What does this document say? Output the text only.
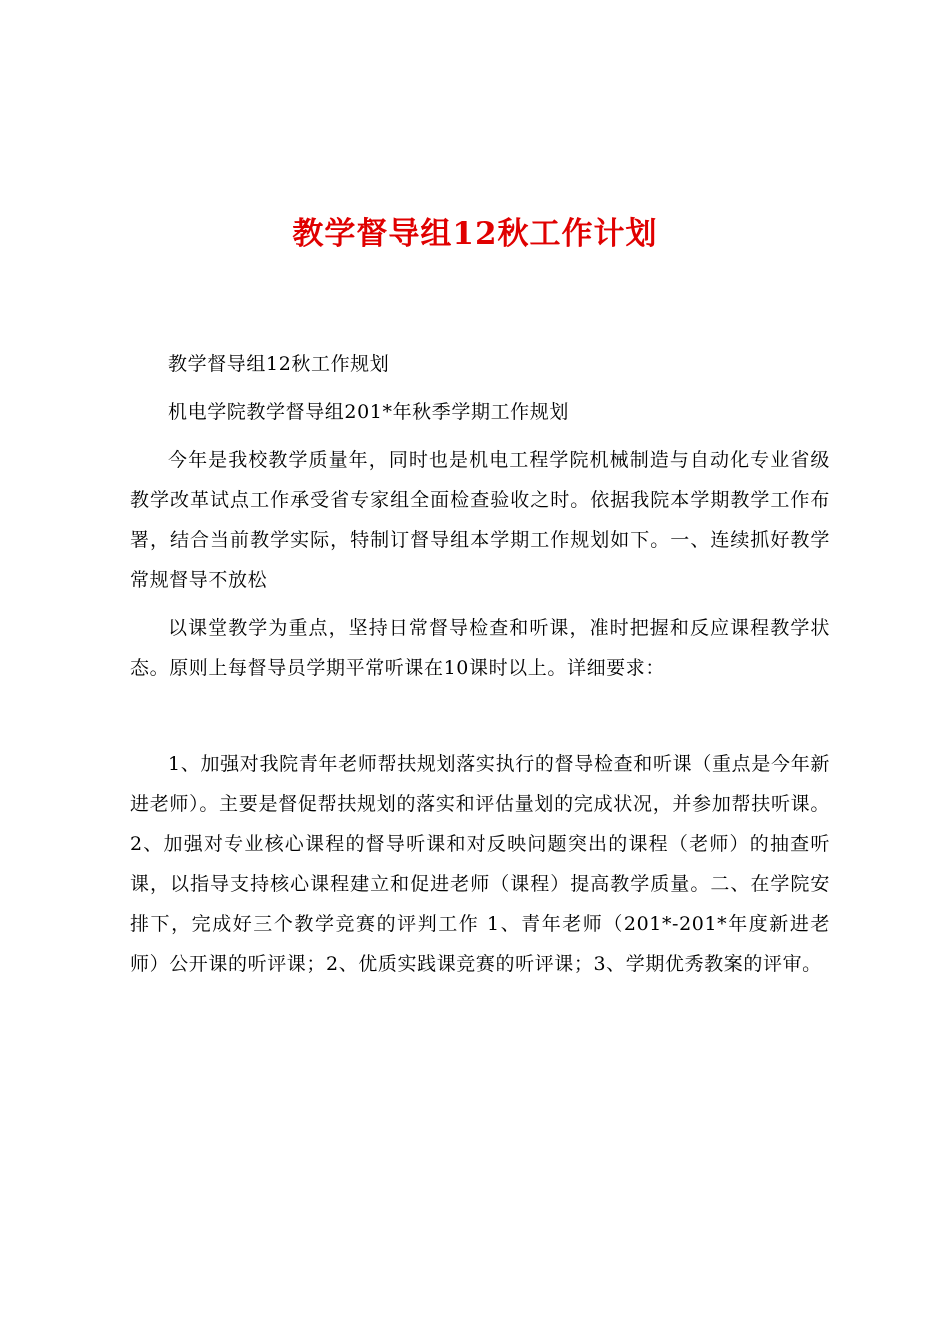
教学督导组12秋工作计划

教学督导组12秋工作规划

机电学院教学督导组201*年秋季学期工作规划

今年是我校教学质量年，同时也是机电工程学院机械制造与自动化专业省级教学改革试点工作承受省专家组全面检查验收之时。依据我院本学期教学工作布署，结合当前教学实际，特制订督导组本学期工作规划如下。一、连续抓好教学常规督导不放松

以课堂教学为重点，坚持日常督导检查和听课，准时把握和反应课程教学状态。原则上每督导员学期平常听课在10课时以上。详细要求：

1、加强对我院青年老师帮扶规划落实执行的督导检查和听课（重点是今年新进老师）。主要是督促帮扶规划的落实和评估量划的完成状况，并参加帮扶听课。2、加强对专业核心课程的督导听课和对反映问题突出的课程（老师）的抽查听课，以指导支持核心课程建立和促进老师（课程）提高教学质量。二、在学院安排下，完成好三个教学竞赛的评判工作 1、青年老师（201*-201*年度新进老师）公开课的听评课；2、优质实践课竞赛的听评课；3、学期优秀教案的评审。
